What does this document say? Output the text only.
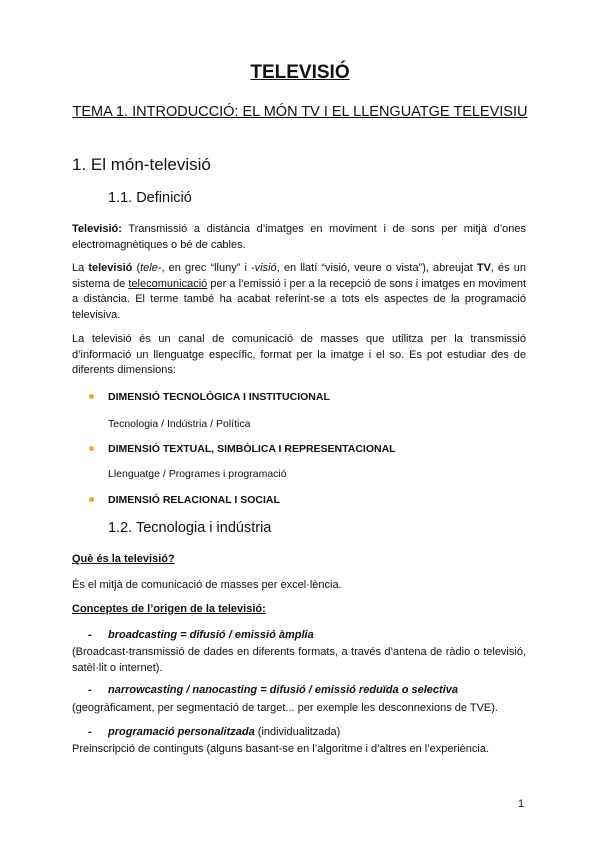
TELEVISIÓ
TEMA 1. INTRODUCCIÓ: EL MÓN TV I EL LLENGUATGE TELEVISIU
1. El món-televisió
1.1. Definició

Televisió: Transmissió a distància d’imatges en moviment i de sons per mitjà d’ones electromagnètiques o bé de cables.

La televisió (tele-, en grec “lluny” i -visió, en llatí “visió, veure o vista”), abreujat TV, és un sistema de telecomunicació per a l’emissió i per a la recepció de sons i imatges en moviment a distància. El terme també ha acabat referint-se a tots els aspectes de la programació televisiva.

La televisió és un canal de comunicació de masses que utilitza per la transmissió d’informació un llenguatge específic, format per la imatge i el so. Es pot estudiar des de diferents dimensions:

DIMENSIÓ TECNOLÒGICA I INSTITUCIONAL

Tecnologia / Indústria / Política

DIMENSIÓ TEXTUAL, SIMBÒLICA I REPRESENTACIONAL

Llenguatge / Programes i programació

DIMENSIÓ RELACIONAL I SOCIAL

1.2. Tecnologia i indústria

Què és la televisió?

És el mitjà de comunicació de masses per excel·lència.

Conceptes de l’origen de la televisió:

- broadcasting = difusió / emissió àmplia

(Broadcast-transmissió de dades en diferents formats, a través d’antena de ràdio o televisió, satèl·lit o internet).

- narrowcasting / nanocasting = difusió / emissió reduïda o selectiva

(geogràficament, per segmentació de target... per exemple les desconnexions de TVE).

- programació personalitzada (individualitzada)

Preinscripció de continguts (alguns basant-se en l’algoritme i d’altres en l’experiència.

1
